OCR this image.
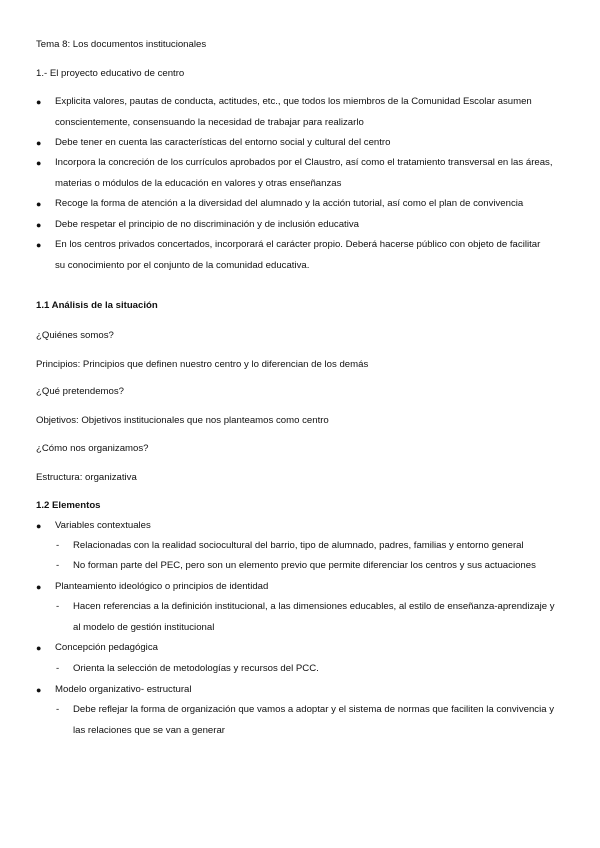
Tema 8: Los documentos institucionales

1.- El proyecto educativo de centro

● Explicita valores, pautas de conducta, actitudes, etc., que todos los miembros de la Comunidad Escolar asumen conscientemente, consensuando la necesidad de trabajar para realizarlo
● Debe tener en cuenta las características del entorno social y cultural del centro
● Incorpora la concreción de los currículos aprobados por el Claustro, así como el tratamiento transversal en las áreas, materias o módulos de la educación en valores y otras enseñanzas
● Recoge la forma de atención a la diversidad del alumnado y la acción tutorial, así como el plan de convivencia
● Debe respetar el principio de no discriminación y de inclusión educativa
● En los centros privados concertados, incorporará el carácter propio. Deberá hacerse público con objeto de facilitar su conocimiento por el conjunto de la comunidad educativa.

1.1 Análisis de la situación

¿Quiénes somos?

Principios: Principios que definen nuestro centro y lo diferencian de los demás

¿Qué pretendemos?

Objetivos: Objetivos institucionales que nos planteamos como centro

¿Cómo nos organizamos?

Estructura: organizativa

1.2 Elementos

● Variables contextuales
- Relacionadas con la realidad sociocultural del barrio, tipo de alumnado, padres, familias y entorno general
- No forman parte del PEC, pero son un elemento previo que permite diferenciar los centros y sus actuaciones
● Planteamiento ideológico o principios de identidad
- Hacen referencias a la definición institucional, a las dimensiones educables, al estilo de enseñanza-aprendizaje y al modelo de gestión institucional
● Concepción pedagógica
- Orienta la selección de metodologías y recursos del PCC.
● Modelo organizativo- estructural
- Debe reflejar la forma de organización que vamos a adoptar y el sistema de normas que faciliten la convivencia y las relaciones que se van a generar
